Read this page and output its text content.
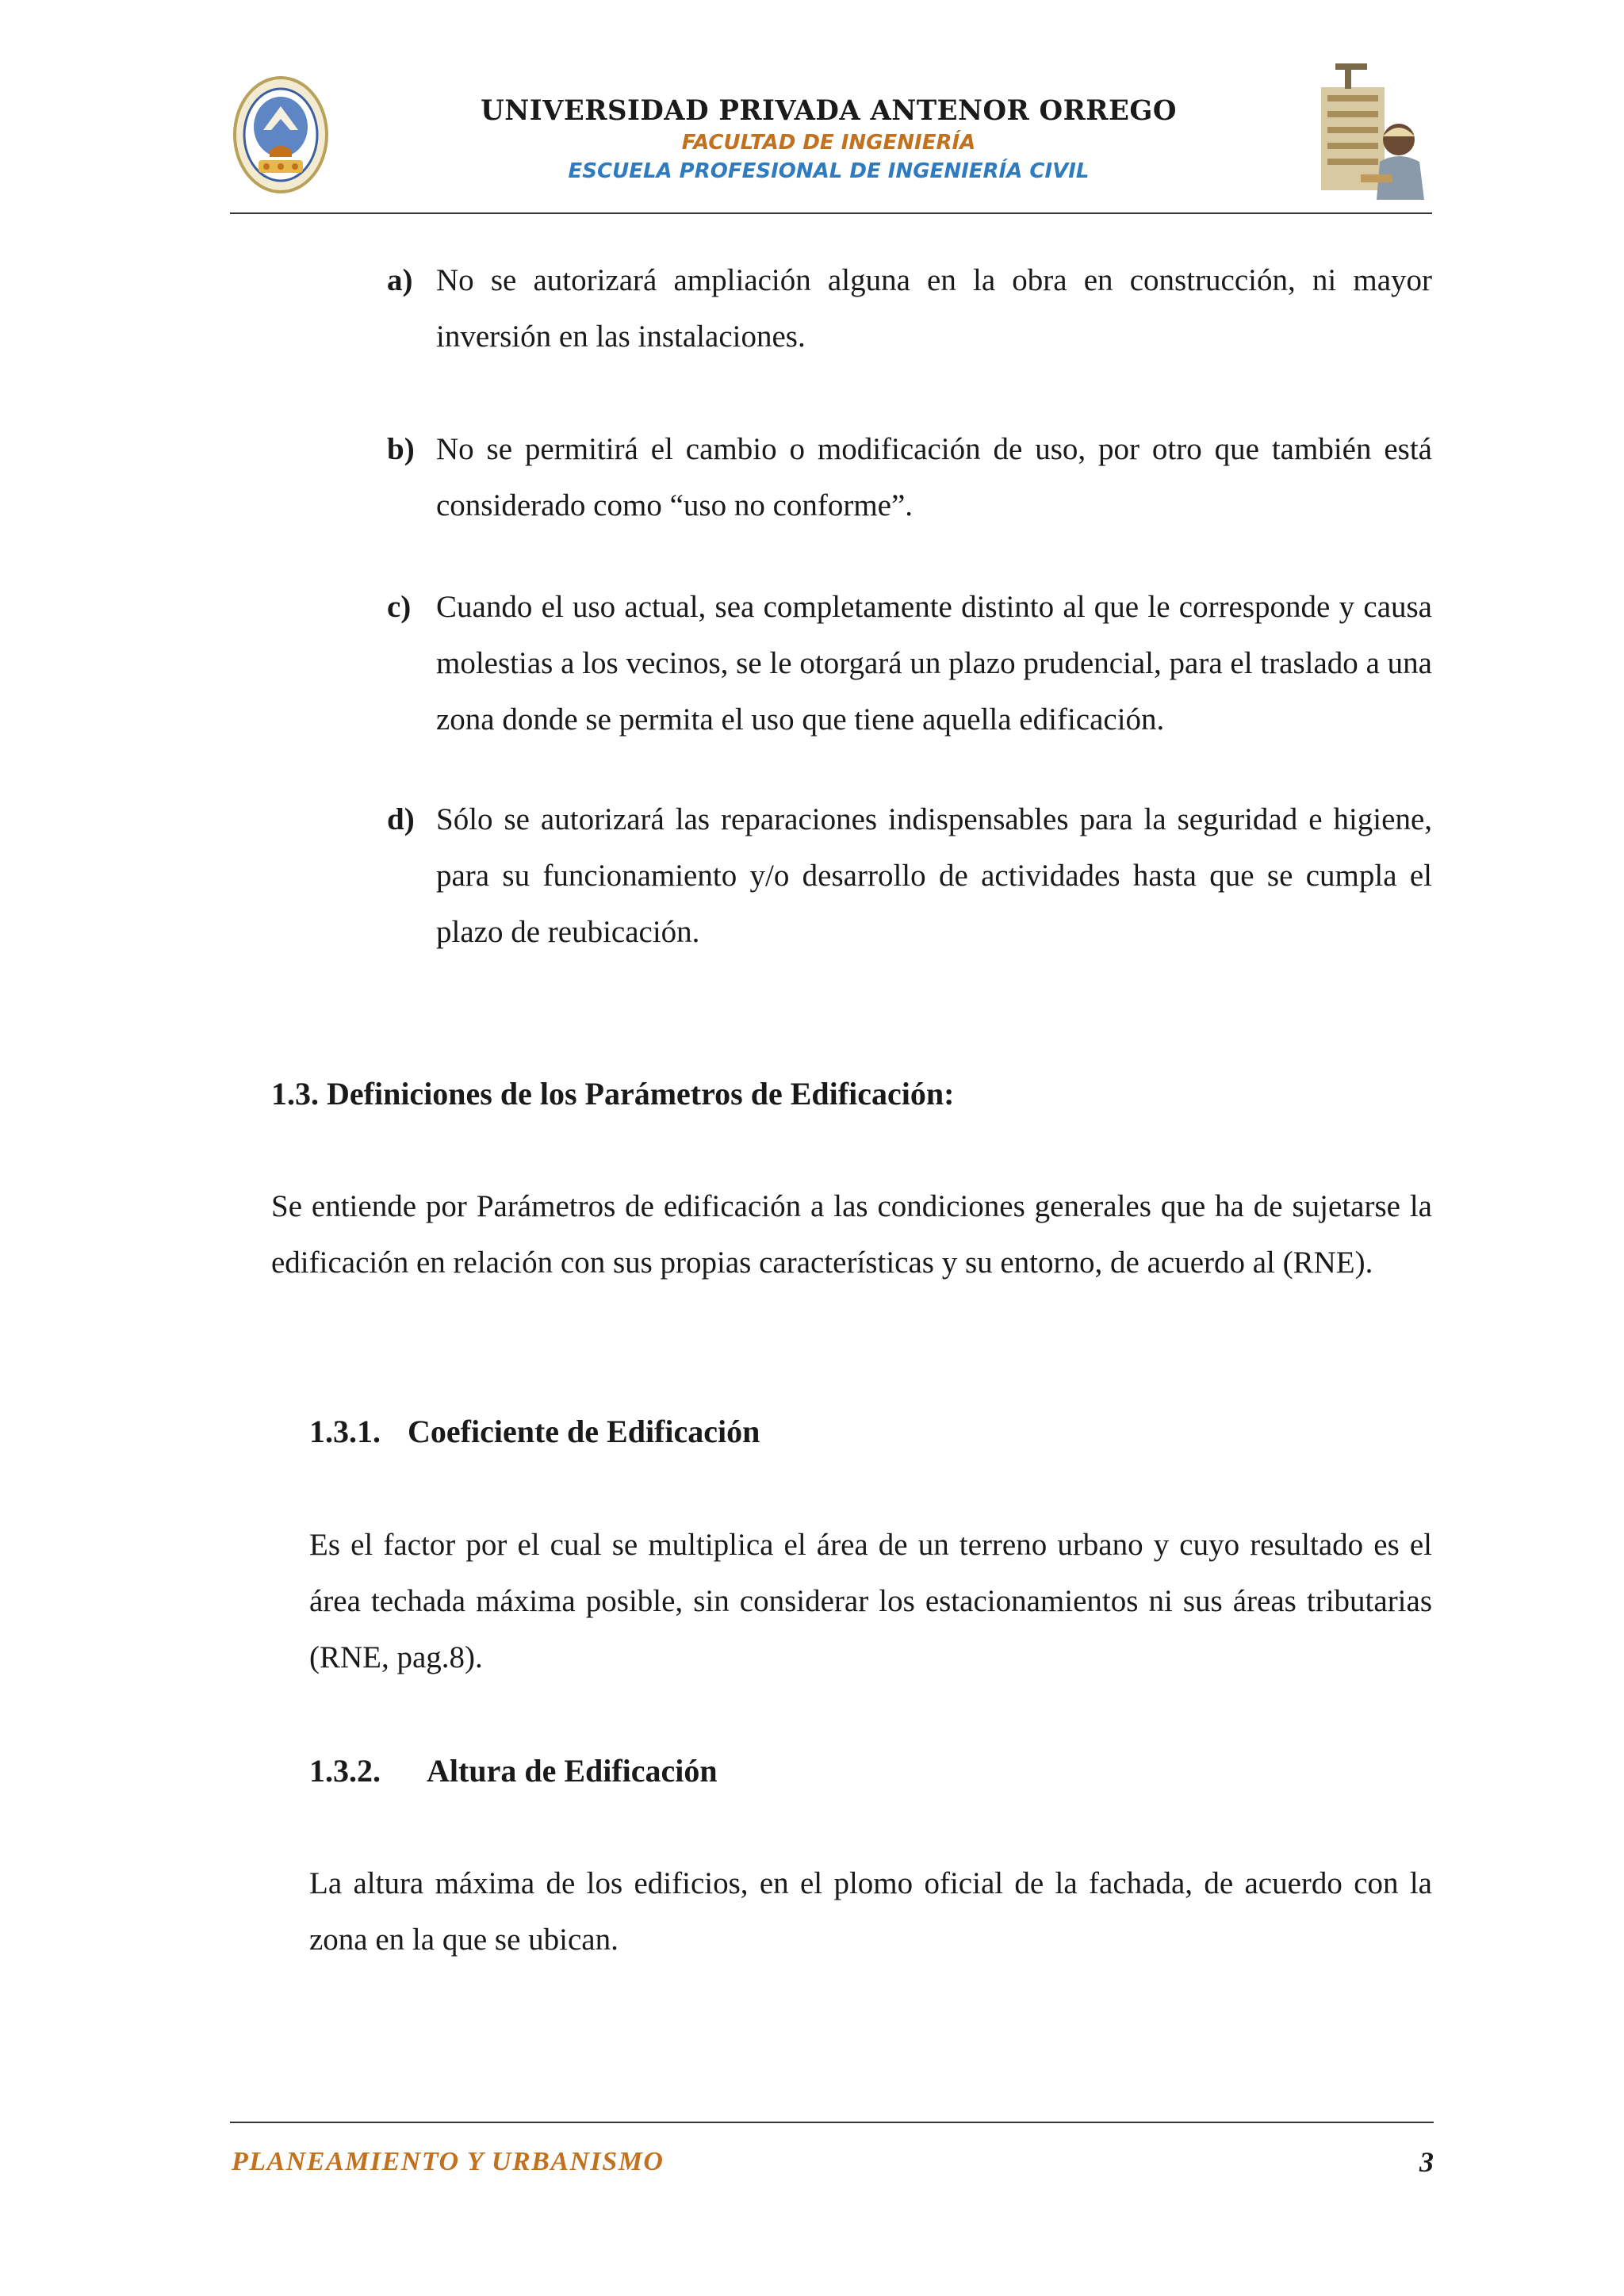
UNIVERSIDAD PRIVADA ANTENOR ORREGO
FACULTAD DE INGENIERÍA
ESCUELA PROFESIONAL DE INGENIERÍA CIVIL
a) No se autorizará ampliación alguna en la obra en construcción, ni mayor inversión en las instalaciones.
b) No se permitirá el cambio o modificación de uso, por otro que también está considerado como “uso no conforme”.
c) Cuando el uso actual, sea completamente distinto al que le corresponde y causa molestias a los vecinos, se le otorgará un plazo prudencial, para el traslado a una zona donde se permita el uso que tiene aquella edificación.
d) Sólo se autorizará las reparaciones indispensables para la seguridad e higiene, para su funcionamiento y/o desarrollo de actividades hasta que se cumpla el plazo de reubicación.
1.3. Definiciones de los Parámetros de Edificación:
Se entiende por Parámetros de edificación a las condiciones generales que ha de sujetarse la edificación en relación con sus propias características y su entorno, de acuerdo al (RNE).
1.3.1. Coeficiente de Edificación
Es el factor por el cual se multiplica el área de un terreno urbano y cuyo resultado es el área techada máxima posible, sin considerar los estacionamientos ni sus áreas tributarias (RNE, pag.8).
1.3.2. Altura de Edificación
La altura máxima de los edificios, en el plomo oficial de la fachada, de acuerdo con la zona en la que se ubican.
PLANEAMIENTO Y URBANISMO	3
